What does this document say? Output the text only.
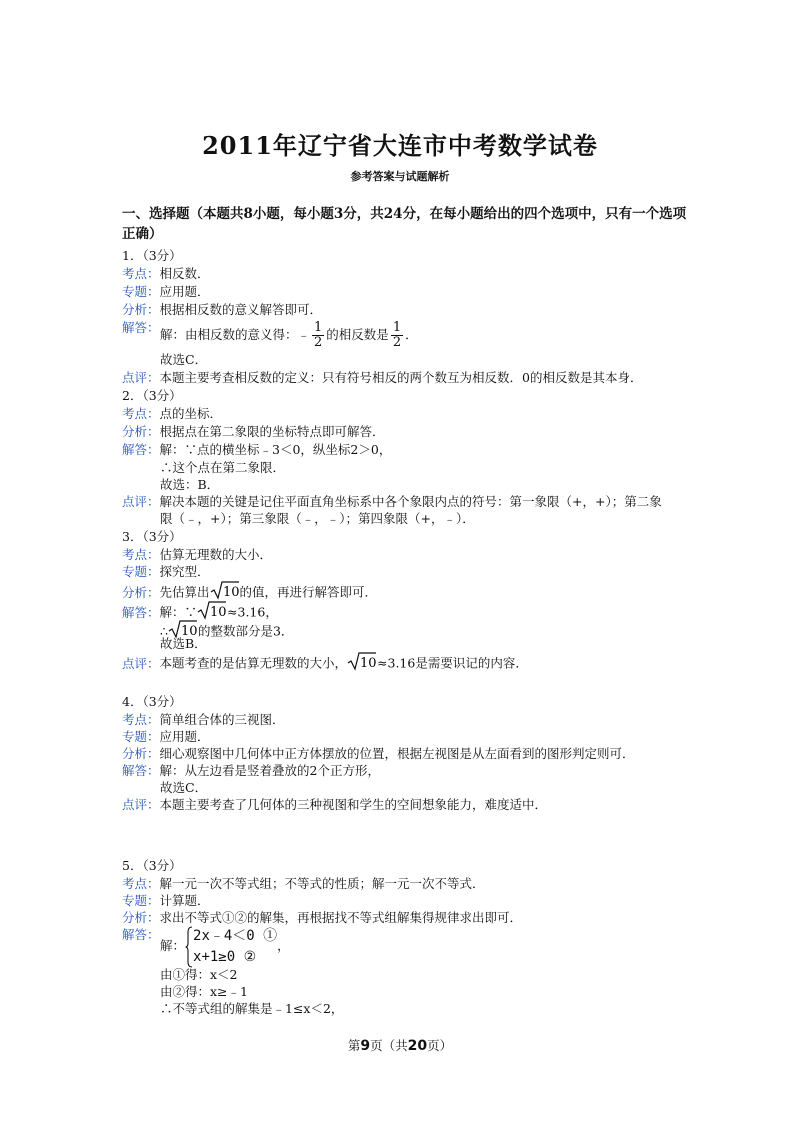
2011年辽宁省大连市中考数学试卷
参考答案与试题解析
一、选择题（本题共8小题，每小题3分，共24分，在每小题给出的四个选项中，只有一个选项正确）
1．（3分）
考点：相反数．
专题：应用题．
分析：根据相反数的意义解答即可．
解答： 解：由相反数的意义得：﹣ $\frac{1}{2}$ 的相反数是 $\frac{1}{2}$ ．
故选C．
点评：本题主要考查相反数的定义：只有符号相反的两个数互为相反数．0的相反数是其本身．
2．（3分）
考点：点的坐标．
分析：根据点在第二象限的坐标特点即可解答．
解答：解：∵点的横坐标﹣3＜0，纵坐标2＞0，
∴这个点在第二象限．
故选：B．
点评：解决本题的关键是记住平面直角坐标系中各个象限内点的符号：第一象限（+，+）；第二象
限（﹣，+）；第三象限（﹣，﹣）；第四象限（+，﹣）．
3．（3分）
考点：估算无理数的大小．
专题：探究型．
分析：先估算出 10 的值，再进行解答即可．
解答：解：∵ 10 ≈3.16，
∴ 10 的整数部分是3．
故选B．
点评：本题考查的是估算无理数的大小， 10 ≈3.16是需要识记的内容．
4．（3分）
考点：简单组合体的三视图．
专题：应用题．
分析：细心观察图中几何体中正方体摆放的位置，根据左视图是从左面看到的图形判定则可．
解答：解：从左边看是竖着叠放的2个正方形，
故选C．
点评：本题主要考查了几何体的三种视图和学生的空间想象能力，难度适中．
5．（3分）
考点：解一元一次不等式组；不等式的性质；解一元一次不等式．
专题：计算题．
分析：求出不等式①②的解集，再根据找不等式组解集得规律求出即可．
解答：
解：
2x﹣4＜0 ①
x+1≥0 ②
，
由①得：x＜2
由②得：x≥﹣1
∴不等式组的解集是﹣1≤x＜2，
第9页（共20页）
